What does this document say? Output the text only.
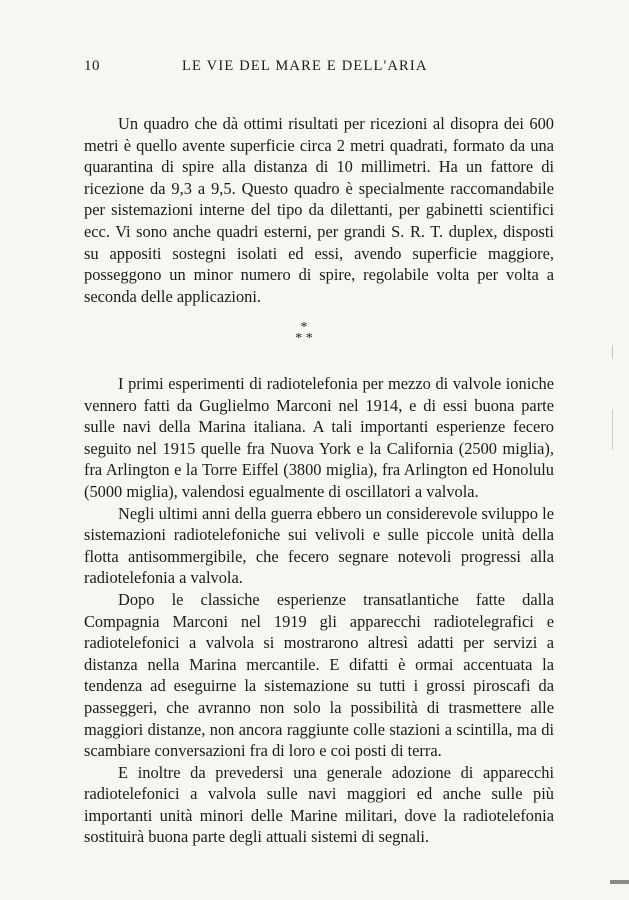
10	LE VIE DEL MARE E DELL'ARIA

Un quadro che dà ottimi risultati per ricezioni al disopra dei 600 metri è quello avente superficie circa 2 metri quadrati, formato da una quarantina di spire alla distanza di 10 millimetri. Ha un fattore di ricezione da 9,3 a 9,5. Questo quadro è specialmente raccomandabile per sistemazioni interne del tipo da dilettanti, per gabinetti scientifici ecc. Vi sono anche quadri esterni, per grandi S. R. T. duplex, disposti su appositi sostegni isolati ed essi, avendo superficie maggiore, posseggono un minor numero di spire, regolabile volta per volta a seconda delle applicazioni.

*
* *

I primi esperimenti di radiotelefonia per mezzo di valvole ioniche vennero fatti da Guglielmo Marconi nel 1914, e di essi buona parte sulle navi della Marina italiana. A tali importanti esperienze fecero seguito nel 1915 quelle fra Nuova York e la California (2500 miglia), fra Arlington e la Torre Eiffel (3800 miglia), fra Arlington ed Honolulu (5000 miglia), valendosi egualmente di oscillatori a valvola.

Negli ultimi anni della guerra ebbero un considerevole sviluppo le sistemazioni radiotelefoniche sui velivoli e sulle piccole unità della flotta antisommergibile, che fecero segnare notevoli progressi alla radiotelefonia a valvola.

Dopo le classiche esperienze transatlantiche fatte dalla Compagnia Marconi nel 1919 gli apparecchi radiotelegrafici e radiotelefonici a valvola si mostrarono altresì adatti per servizi a distanza nella Marina mercantile. E difatti è ormai accentuata la tendenza ad eseguirne la sistemazione su tutti i grossi piroscafi da passeggeri, che avranno non solo la possibilità di trasmettere alle maggiori distanze, non ancora raggiunte colle stazioni a scintilla, ma di scambiare conversazioni fra di loro e coi posti di terra.

E inoltre da prevedersi una generale adozione di apparecchi radiotelefonici a valvola sulle navi maggiori ed anche sulle più importanti unità minori delle Marine militari, dove la radiotelefonia sostituirà buona parte degli attuali sistemi di segnali.
